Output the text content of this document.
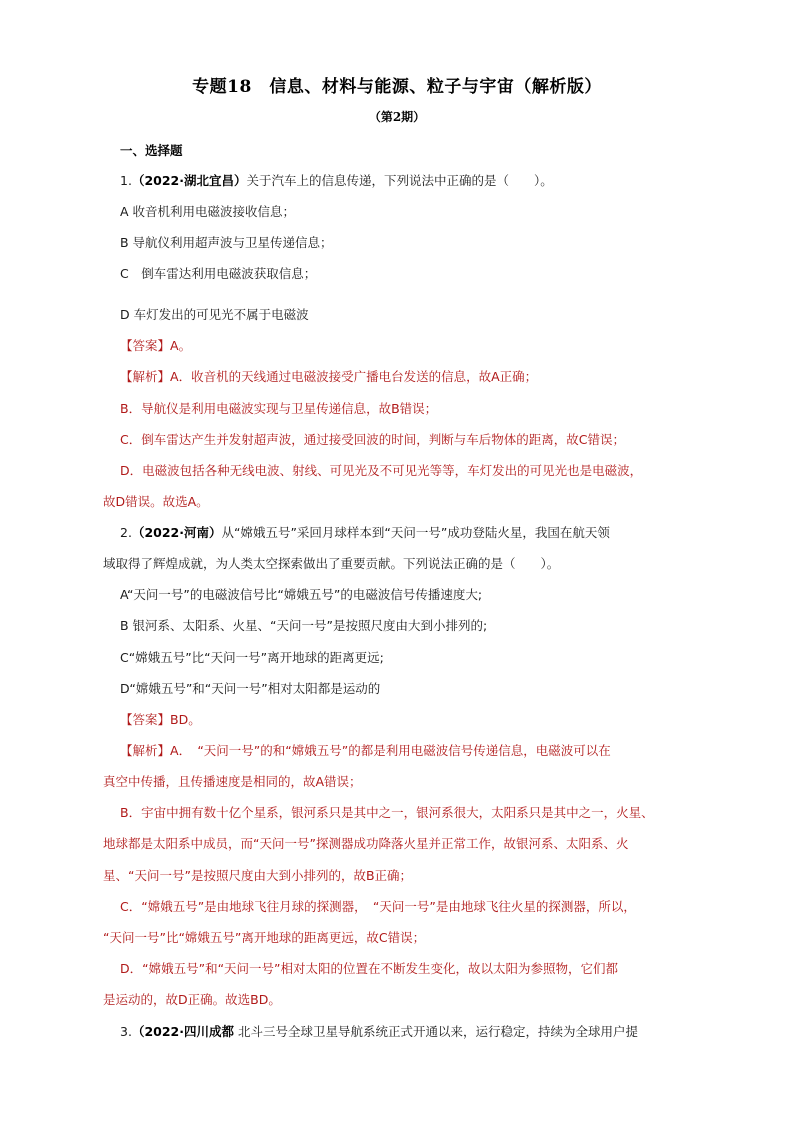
专题18　信息、材料与能源、粒子与宇宙（解析版）
（第2期）
一、选择题
1.（2022·湖北宜昌）关于汽车上的信息传递，下列说法中正确的是（　　）。
A 收音机利用电磁波接收信息；
B 导航仪利用超声波与卫星传递信息；
C　倒车雷达利用电磁波获取信息；
D 车灯发出的可见光不属于电磁波
【答案】A。
【解析】A．收音机的天线通过电磁波接受广播电台发送的信息，故A正确；
B．导航仪是利用电磁波实现与卫星传递信息，故B错误；
C．倒车雷达产生并发射超声波，通过接受回波的时间，判断与车后物体的距离，故C错误；
D．电磁波包括各种无线电波、射线、可见光及不可见光等等，车灯发出的可见光也是电磁波，
故D错误。故选A。
2.（2022·河南）从“嫦娥五号”采回月球样本到“天问一号”成功登陆火星，我国在航天领
域取得了辉煌成就，为人类太空探索做出了重要贡献。下列说法正确的是（　　）。
A“天问一号”的电磁波信号比“嫦娥五号”的电磁波信号传播速度大;
B 银河系、太阳系、火星、“天问一号”是按照尺度由大到小排列的;
C“嫦娥五号”比“天问一号”离开地球的距离更远;
D“嫦娥五号”和“天问一号”相对太阳都是运动的
【答案】BD。
【解析】A．　“天问一号”的和“嫦娥五号”的都是利用电磁波信号传递信息，电磁波可以在
真空中传播，且传播速度是相同的，故A错误；
B．宇宙中拥有数十亿个星系，银河系只是其中之一，银河系很大，太阳系只是其中之一，火星、
地球都是太阳系中成员，而“天问一号”探测器成功降落火星并正常工作，故银河系、太阳系、火
星、“天问一号”是按照尺度由大到小排列的，故B正确；
C．“嫦娥五号”是由地球飞往月球的探测器，　“天问一号”是由地球飞往火星的探测器，所以，
“天问一号”比“嫦娥五号”离开地球的距离更远，故C错误；
D．“嫦娥五号”和“天问一号”相对太阳的位置在不断发生变化，故以太阳为参照物，它们都
是运动的，故D正确。故选BD。
3.（2022·四川成都 北斗三号全球卫星导航系统正式开通以来，运行稳定，持续为全球用户提
